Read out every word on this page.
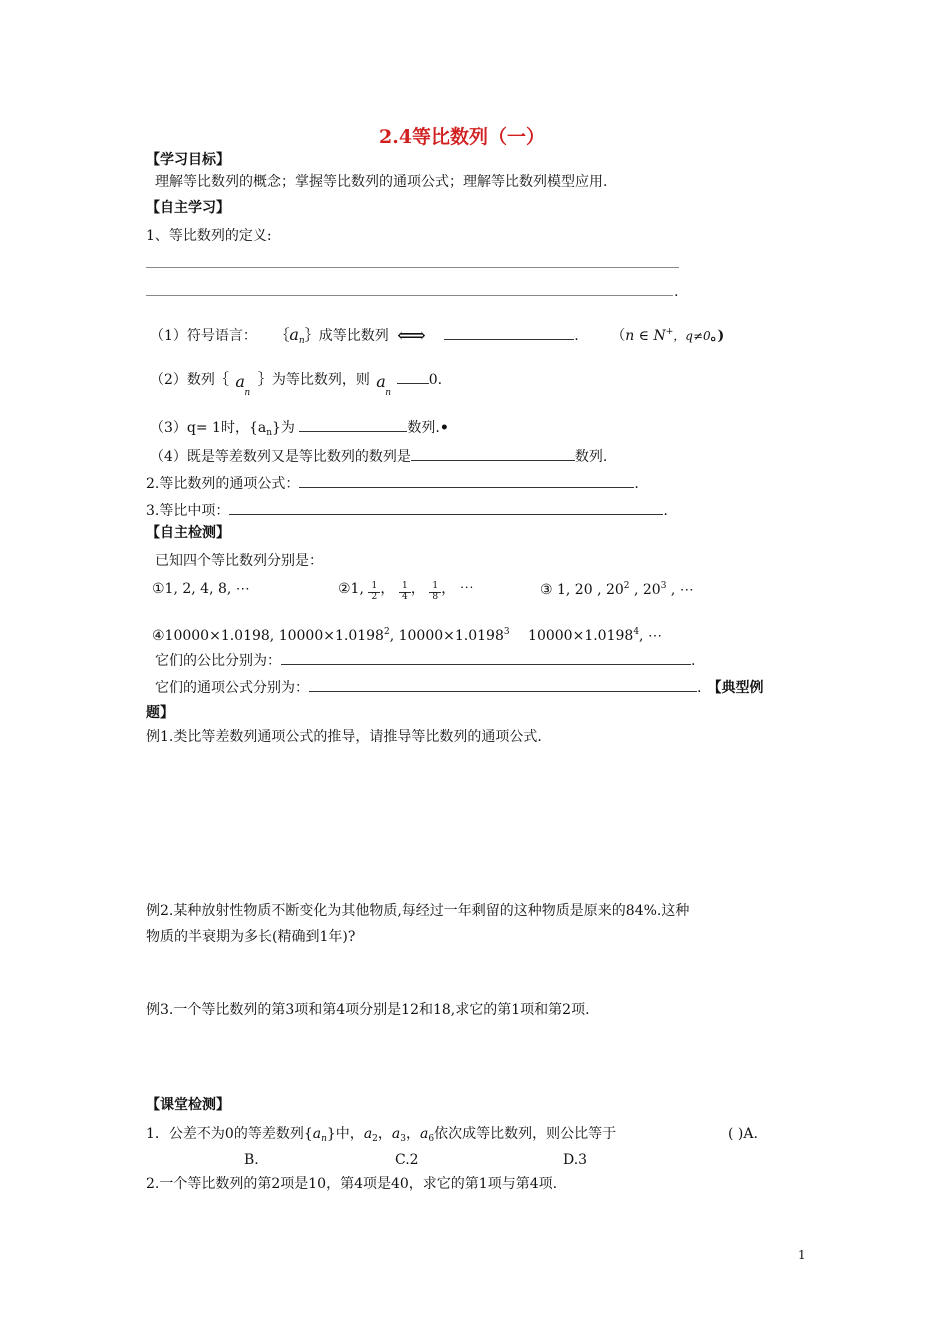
2.4等比数列（一）
【学习目标】
理解等比数列的概念；掌握等比数列的通项公式；理解等比数列模型应用.
【自主学习】
1、等比数列的定义:
.
（1）符号语言： $\{a_n\}$成等比数列 ⟺	. （n ∈ N+，q≠0。)
（2）数列｛ a
n
｝为等比数列，则 a
n
0.
（3）q= 1时，$\{a_n\}$为	数列.•
（4）既是等差数列又是等比数列的数列是	数列.
2.等比数列的通项公式：	.
3.等比中项：	.
【自主检测】
已知四个等比数列分别是：
①1, 2, 4, 8, ⋯	②1, $\frac{1}{2}$ ， $\frac{1}{4}$ ， $\frac{1}{8}$ ， ⋯	③ 1, 20 , $20^2$ , $20^3$ , ⋯
④10000×1.0198, $10000\times 1.0198^2$, $10000\times 1.0198^3$ $10000\times 1.0198^4$, ⋯
它们的公比分别为：	.
它们的通项公式分别为：	. 【典型例
题】
例1.类比等差数列通项公式的推导，请推导等比数列的通项公式.
例2.某种放射性物质不断变化为其他物质,每经过一年剩留的这种物质是原来的84%.这种
物质的半衰期为多长(精确到1年)?
例3.一个等比数列的第3项和第4项分别是12和18,求它的第1项和第2项.
【课堂检测】
1．公差不为0的等差数列$\{a_n\}$中，$a_2$，$a_3$，$a_6$依次成等比数列，则公比等于	( )A.
B.	C.2	D.3
2.一个等比数列的第2项是10，第4项是40，求它的第1项与第4项.
1
